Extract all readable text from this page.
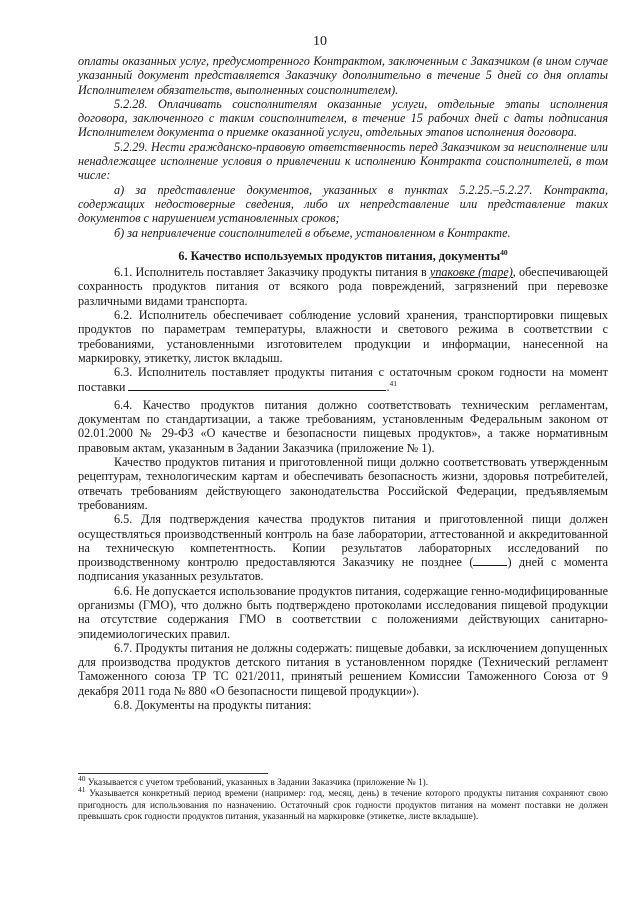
10

оплаты оказанных услуг, предусмотренного Контрактом, заключенным с Заказчиком (в ином случае указанный документ представляется Заказчику дополнительно в течение 5 дней со дня оплаты Исполнителем обязательств, выполненных соисполнителем).

5.2.28. Оплачивать соисполнителям оказанные услуги, отдельные этапы исполнения договора, заключенного с таким соисполнителем, в течение 15 рабочих дней с даты подписания Исполнителем документа о приемке оказанной услуги, отдельных этапов исполнения договора.

5.2.29. Нести гражданско-правовую ответственность перед Заказчиком за неисполнение или ненадлежащее исполнение условия о привлечении к исполнению Контракта соисполнителей, в том числе:

а) за представление документов, указанных в пунктах 5.2.25.–5.2.27. Контракта, содержащих недостоверные сведения, либо их непредставление или представление таких документов с нарушением установленных сроков;

б) за непривлечение соисполнителей в объеме, установленном в Контракте.

6. Качество используемых продуктов питания, документы$^{40}$

6.1. Исполнитель поставляет Заказчику продукты питания в упаковке (таре), обеспечивающей сохранность продуктов питания от всякого рода повреждений, загрязнений при перевозке различными видами транспорта.

6.2. Исполнитель обеспечивает соблюдение условий хранения, транспортировки пищевых продуктов по параметрам температуры, влажности и светового режима в соответствии с требованиями, установленными изготовителем продукции и информации, нанесенной на маркировку, этикетку, листок вкладыш.

6.3. Исполнитель поставляет продукты питания с остаточным сроком годности на момент поставки	.$^{41}$

6.4. Качество продуктов питания должно соответствовать техническим регламентам, документам по стандартизации, а также требованиям, установленным Федеральным законом от 02.01.2000 № 29-ФЗ «О качестве и безопасности пищевых продуктов», а также нормативным правовым актам, указанным в Задании Заказчика (приложение № 1).

Качество продуктов питания и приготовленной пищи должно соответствовать утвержденным рецептурам, технологическим картам и обеспечивать безопасность жизни, здоровья потребителей, отвечать требованиям действующего законодательства Российской Федерации, предъявляемым требованиям.

6.5. Для подтверждения качества продуктов питания и приготовленной пищи должен осуществляться производственный контроль на базе лаборатории, аттестованной и аккредитованной на техническую компетентность. Копии результатов лабораторных исследований по производственному контролю предоставляются Заказчику не позднее (	) дней с момента подписания указанных результатов.

6.6. Не допускается использование продуктов питания, содержащие генно-модифицированные организмы (ГМО), что должно быть подтверждено протоколами исследования пищевой продукции на отсутствие содержания ГМО в соответствии с положениями действующих санитарно-эпидемиологических правил.

6.7. Продукты питания не должны содержать: пищевые добавки, за исключением допущенных для производства продуктов детского питания в установленном порядке (Технический регламент Таможенного союза ТР ТС 021/2011, принятый решением Комиссии Таможенного Союза от 9 декабря 2011 года № 880 «О безопасности пищевой продукции»).

6.8. Документы на продукты питания:

$^{40}$ Указывается с учетом требований, указанных в Задании Заказчика (приложение № 1).

$^{41}$ Указывается конкретный период времени (например: год, месяц, день) в течение которого продукты питания сохраняют свою пригодность для использования по назначению. Остаточный срок годности продуктов питания на момент поставки не должен превышать срок годности продуктов питания, указанный на маркировке (этикетке, листе вкладыше).
